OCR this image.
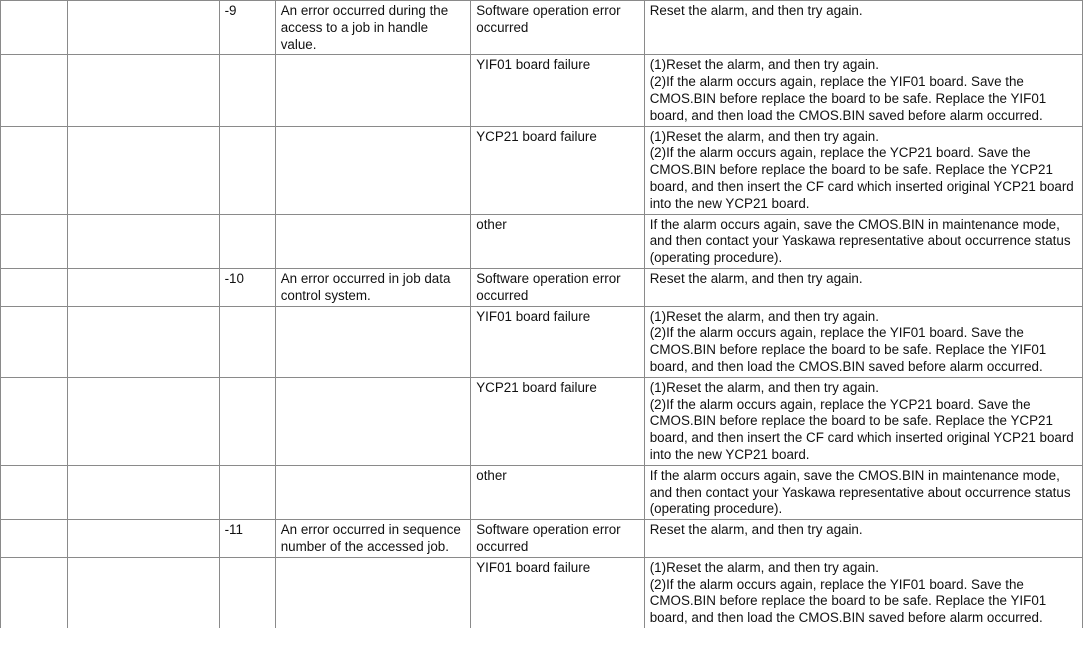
		-9	An error occurred during the access to a job in handle value.	Software operation error occurred	Reset the alarm, and then try again.
				YIF01 board failure	(1)Reset the alarm, and then try again.
(2)If the alarm occurs again, replace the YIF01 board. Save the CMOS.BIN before replace the board to be safe. Replace the YIF01 board, and then load the CMOS.BIN saved before alarm occurred.
				YCP21 board failure	(1)Reset the alarm, and then try again.
(2)If the alarm occurs again, replace the YCP21 board. Save the CMOS.BIN before replace the board to be safe. Replace the YCP21 board, and then insert the CF card which inserted original YCP21 board into the new YCP21 board.
				other	If the alarm occurs again, save the CMOS.BIN in maintenance mode, and then contact your Yaskawa representative about occurrence status (operating procedure).
		-10	An error occurred in job data control system.	Software operation error occurred	Reset the alarm, and then try again.
				YIF01 board failure	(1)Reset the alarm, and then try again.
(2)If the alarm occurs again, replace the YIF01 board. Save the CMOS.BIN before replace the board to be safe. Replace the YIF01 board, and then load the CMOS.BIN saved before alarm occurred.
				YCP21 board failure	(1)Reset the alarm, and then try again.
(2)If the alarm occurs again, replace the YCP21 board. Save the CMOS.BIN before replace the board to be safe. Replace the YCP21 board, and then insert the CF card which inserted original YCP21 board into the new YCP21 board.
				other	If the alarm occurs again, save the CMOS.BIN in maintenance mode, and then contact your Yaskawa representative about occurrence status (operating procedure).
		-11	An error occurred in sequence number of the accessed job.	Software operation error occurred	Reset the alarm, and then try again.
				YIF01 board failure	(1)Reset the alarm, and then try again.
(2)If the alarm occurs again, replace the YIF01 board. Save the CMOS.BIN before replace the board to be safe. Replace the YIF01 board, and then load the CMOS.BIN saved before alarm occurred.
